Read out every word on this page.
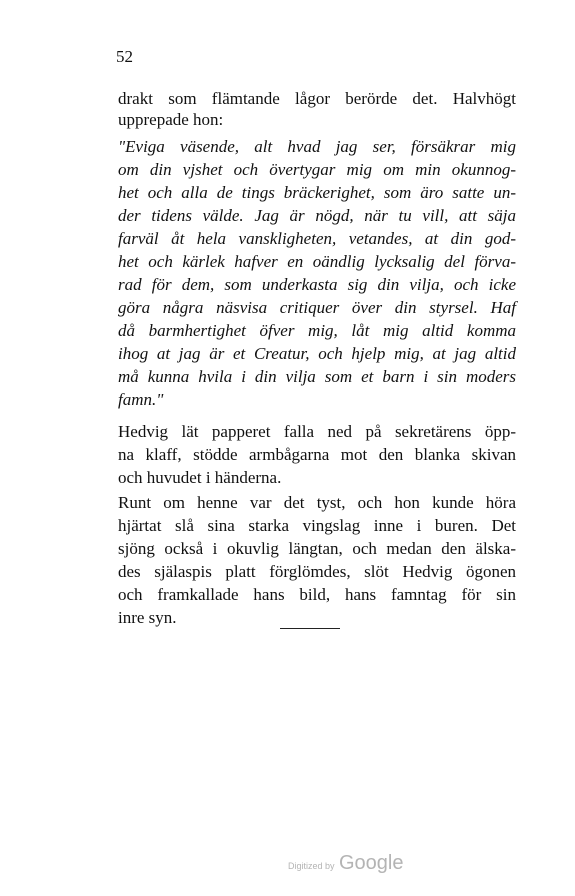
52
drakt som flämtande lågor berörde det. Halvhögt
upprepade hon:
"Eviga väsende, alt hvad jag ser, försäkrar mig
om din vjshet och övertygar mig om min okunnog-
het och alla de tings bräckerighet, som äro satte un-
der tidens välde. Jag är nögd, när tu vill, att säja
farväl åt hela vanskligheten, vetandes, at din god-
het och kärlek hafver en oändlig lycksalig del förva-
rad för dem, som underkasta sig din vilja, och icke
göra några näsvisa critiquer över din styrsel. Haf
då barmhertighet öfver mig, låt mig altid komma
ihog at jag är et Creatur, och hjelp mig, at jag altid
må kunna hvila i din vilja som et barn i sin moders
famn."
Hedvig lät papperet falla ned på sekretärens öpp-
na klaff, stödde armbågarna mot den blanka skivan
och huvudet i händerna.
Runt om henne var det tyst, och hon kunde höra
hjärtat slå sina starka vingslag inne i buren. Det
sjöng också i okuvlig längtan, och medan den älska-
des själaspis platt förglömdes, slöt Hedvig ögonen
och framkallade hans bild, hans famntag för sin
inre syn.
Digitized by Google
